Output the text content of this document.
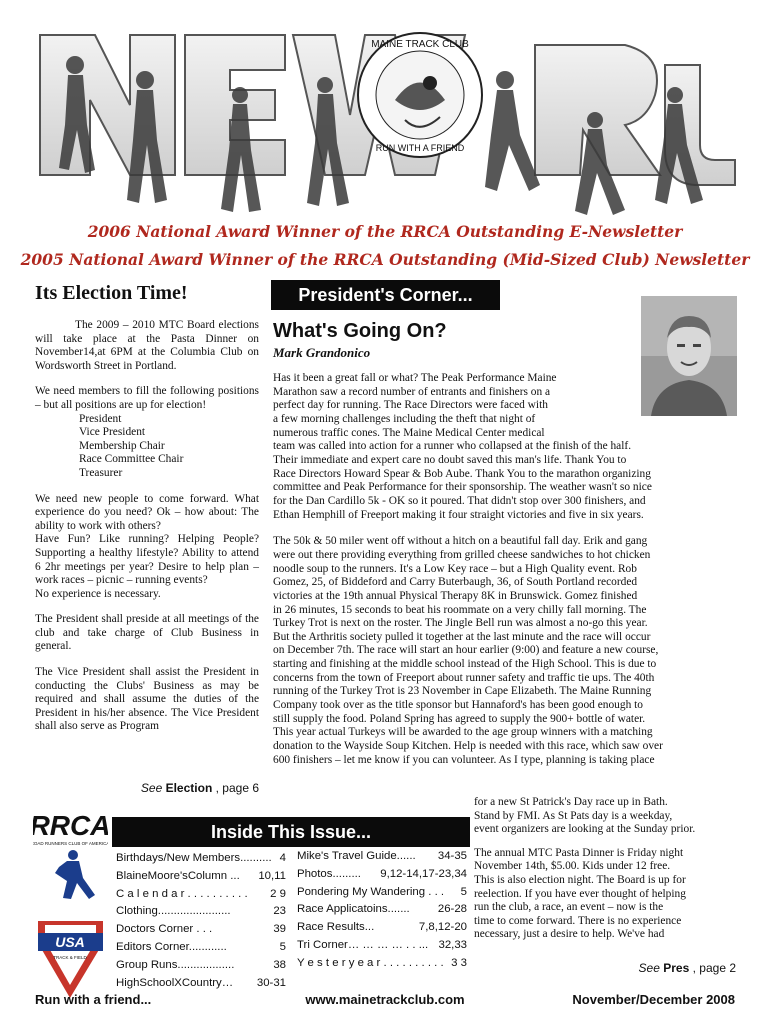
MAINE TRACK CLUB
RUN WITH A FRIEND
2006 National Award Winner of the RRCA Outstanding E-Newsletter
2005 National Award Winner of the RRCA Outstanding (Mid-Sized Club) Newsletter
Its Election Time!

The 2009 – 2010 MTC Board elections will take place at the Pasta Dinner on November14,at 6PM at the Columbia Club on Wordsworth Street in Portland.

We need members to fill the following positions – but all positions are up for election!

President
Vice President
Membership Chair
Race Committee Chair
Treasurer

We need new people to come forward. What experience do you need? Ok – how about: The ability to work with others?

Have Fun? Like running? Helping People? Supporting a healthy lifestyle? Ability to attend 6 2hr meetings per year? Desire to help plan – work races – picnic – running events?

No experience is necessary.

The President shall preside at all meetings of the club and take charge of Club Business in general.

The Vice President shall assist the President in conducting the Clubs' Business as may be required and shall assume the duties of the President in his/her absence. The Vice President shall also serve as Program

See Election , page 6
President's Corner...
What's Going On?
Mark Grandonico
Has it been a great fall or what? The Peak Performance Maine
Marathon saw a record number of entrants and finishers on a
perfect day for running. The Race Directors were faced with
a few morning challenges including the theft that night of
numerous traffic cones. The Maine Medical Center medical
team was called into action for a runner who collapsed at the finish of the half.
Their immediate and expert care no doubt saved this man's life. Thank You to
Race Directors Howard Spear & Bob Aube. Thank You to the marathon organizing
committee and Peak Performance for their sponsorship. The weather wasn't so nice
for the Dan Cardillo 5k - OK so it poured. That didn't stop over 300 finishers, and
Ethan Hemphill of Freeport making it four straight victories and five in six years.
The 50k & 50 miler went off without a hitch on a beautiful fall day. Erik and gang
were out there providing everything from grilled cheese sandwiches to hot chicken
noodle soup to the runners. It's a Low Key race – but a High Quality event. Rob
Gomez, 25, of Biddeford and Carry Buterbaugh, 36, of South Portland recorded
victories at the 19th annual Physical Therapy 8K in Brunswick. Gomez finished
in 26 minutes, 15 seconds to beat his roommate on a very chilly fall morning. The
Turkey Trot is next on the roster. The Jingle Bell run was almost a no-go this year.
But the Arthritis society pulled it together at the last minute and the race will occur
on December 7th. The race will start an hour earlier (9:00) and feature a new course,
starting and finishing at the middle school instead of the High School. This is due to
concerns from the town of Freeport about runner safety and traffic tie ups. The 40th
running of the Turkey Trot is 23 November in Cape Elizabeth. The Maine Running
Company took over as the title sponsor but Hannaford's has been good enough to
still supply the food. Poland Spring has agreed to supply the 900+ bottle of water.
This year actual Turkeys will be awarded to the age group winners with a matching
donation to the Wayside Soup Kitchen. Help is needed with this race, which saw over
600 finishers – let me know if you can volunteer. As I type, planning is taking place
for a new St Patrick's Day race up in Bath.
Stand by FMI. As St Pats day is a weekday,
event organizers are looking at the Sunday prior.
The annual MTC Pasta Dinner is Friday night
November 14th, $5.00. Kids under 12 free.
This is also election night. The Board is up for
reelection. If you have ever thought of helping
run the club, a race, an event – now is the
time to come forward. There is no experience
necessary, just a desire to help. We've had
See Pres , page 2
RRCA
ROAD RUNNERS CLUB OF AMERICA
USA
TRACK & FIELD
Inside This Issue...
Birthdays/New Members.......... 4
BlaineMoore'sColumn ... 10,11
C a l e n d a r . . . . . . . . . . 2 9
Clothing.......................	23
Doctors Corner . . .	39
Editors Corner............	5
Group Runs..................	38
HighSchoolXCountry… 30-31
Mike's Travel Guide...... 34-35
Photos......... 9,12-14,17-23,34
Pondering My Wandering . . . 5
Race Applicatoins....... 26-28
Race Results...	7,8,12-20
Tri Corner… … … … . . ... 32,33
Y e s t e r y e a r . . . . . . . . . . 3 3
Run with a friend...	www.mainetrackclub.com	November/December 2008
